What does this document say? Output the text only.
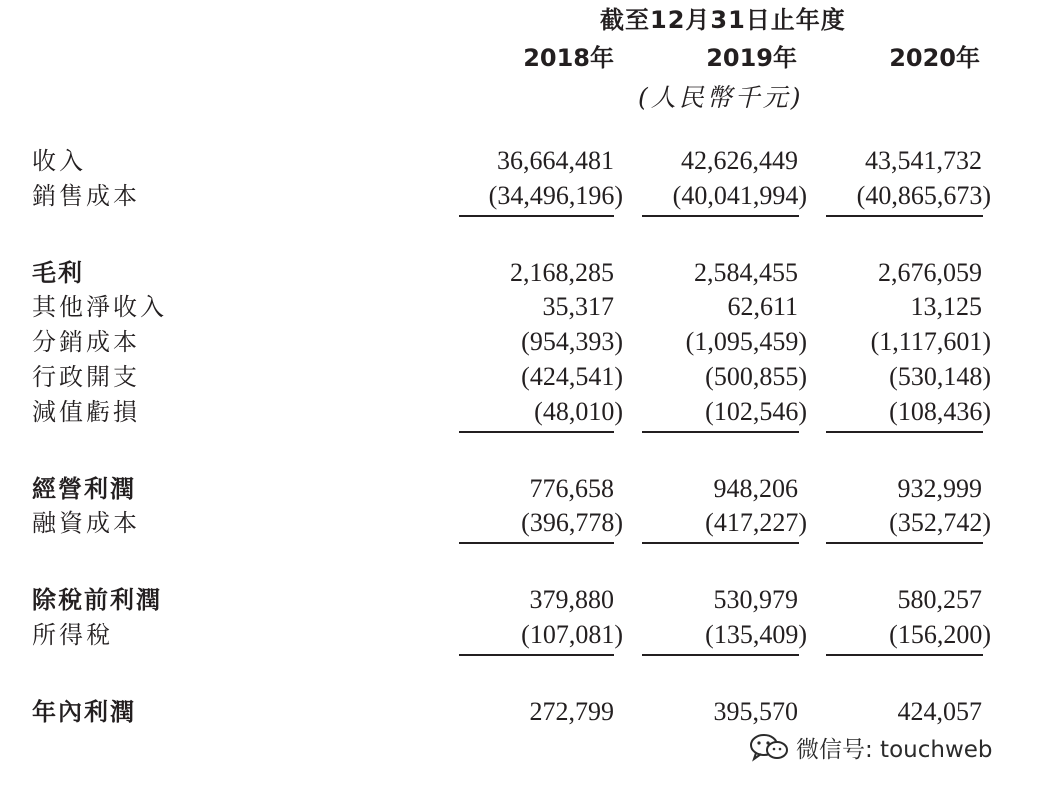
截至12月31日止年度
2018年	2019年	2020年
(人民幣千元)
收入	36,664,481	42,626,449	43,541,732
銷售成本	(34,496,196)	(40,041,994)	(40,865,673)
毛利	2,168,285	2,584,455	2,676,059
其他淨收入	35,317	62,611	13,125
分銷成本	(954,393)	(1,095,459)	(1,117,601)
行政開支	(424,541)	(500,855)	(530,148)
減值虧損	(48,010)	(102,546)	(108,436)
經營利潤	776,658	948,206	932,999
融資成本	(396,778)	(417,227)	(352,742)
除稅前利潤	379,880	530,979	580,257
所得稅	(107,081)	(135,409)	(156,200)
年內利潤	272,799	395,570	424,057
微信号: touchweb
